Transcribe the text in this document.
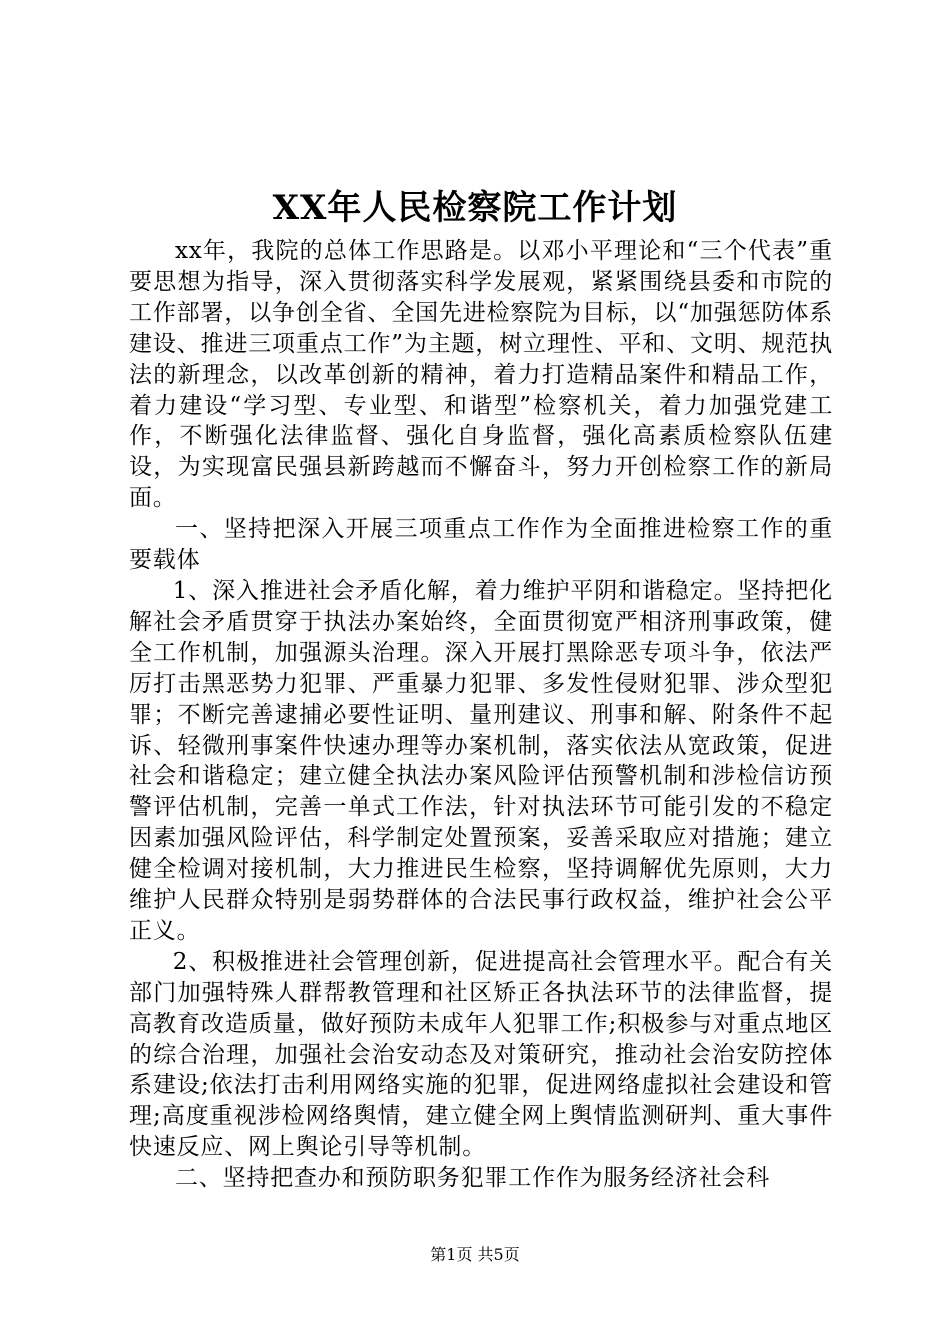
XX年人民检察院工作计划

xx年，我院的总体工作思路是。以邓小平理论和“三个代表”重要思想为指导，深入贯彻落实科学发展观，紧紧围绕县委和市院的工作部署，以争创全省、全国先进检察院为目标，以“加强惩防体系建设、推进三项重点工作”为主题，树立理性、平和、文明、规范执法的新理念，以改革创新的精神，着力打造精品案件和精品工作，着力建设“学习型、专业型、和谐型”检察机关，着力加强党建工作，不断强化法律监督、强化自身监督，强化高素质检察队伍建设，为实现富民强县新跨越而不懈奋斗，努力开创检察工作的新局面。

一、坚持把深入开展三项重点工作作为全面推进检察工作的重要载体

1、深入推进社会矛盾化解，着力维护平阴和谐稳定。坚持把化解社会矛盾贯穿于执法办案始终，全面贯彻宽严相济刑事政策，健全工作机制，加强源头治理。深入开展打黑除恶专项斗争，依法严厉打击黑恶势力犯罪、严重暴力犯罪、多发性侵财犯罪、涉众型犯罪；不断完善逮捕必要性证明、量刑建议、刑事和解、附条件不起诉、轻微刑事案件快速办理等办案机制，落实依法从宽政策，促进社会和谐稳定；建立健全执法办案风险评估预警机制和涉检信访预警评估机制，完善一单式工作法，针对执法环节可能引发的不稳定因素加强风险评估，科学制定处置预案，妥善采取应对措施；建立健全检调对接机制，大力推进民生检察，坚持调解优先原则，大力维护人民群众特别是弱势群体的合法民事行政权益，维护社会公平正义。

2、积极推进社会管理创新，促进提高社会管理水平。配合有关部门加强特殊人群帮教管理和社区矫正各执法环节的法律监督，提高教育改造质量，做好预防未成年人犯罪工作;积极参与对重点地区的综合治理，加强社会治安动态及对策研究，推动社会治安防控体系建设;依法打击利用网络实施的犯罪，促进网络虚拟社会建设和管理;高度重视涉检网络舆情，建立健全网上舆情监测研判、重大事件快速反应、网上舆论引导等机制。

二、坚持把查办和预防职务犯罪工作作为服务经济社会科

第1页 共5页
